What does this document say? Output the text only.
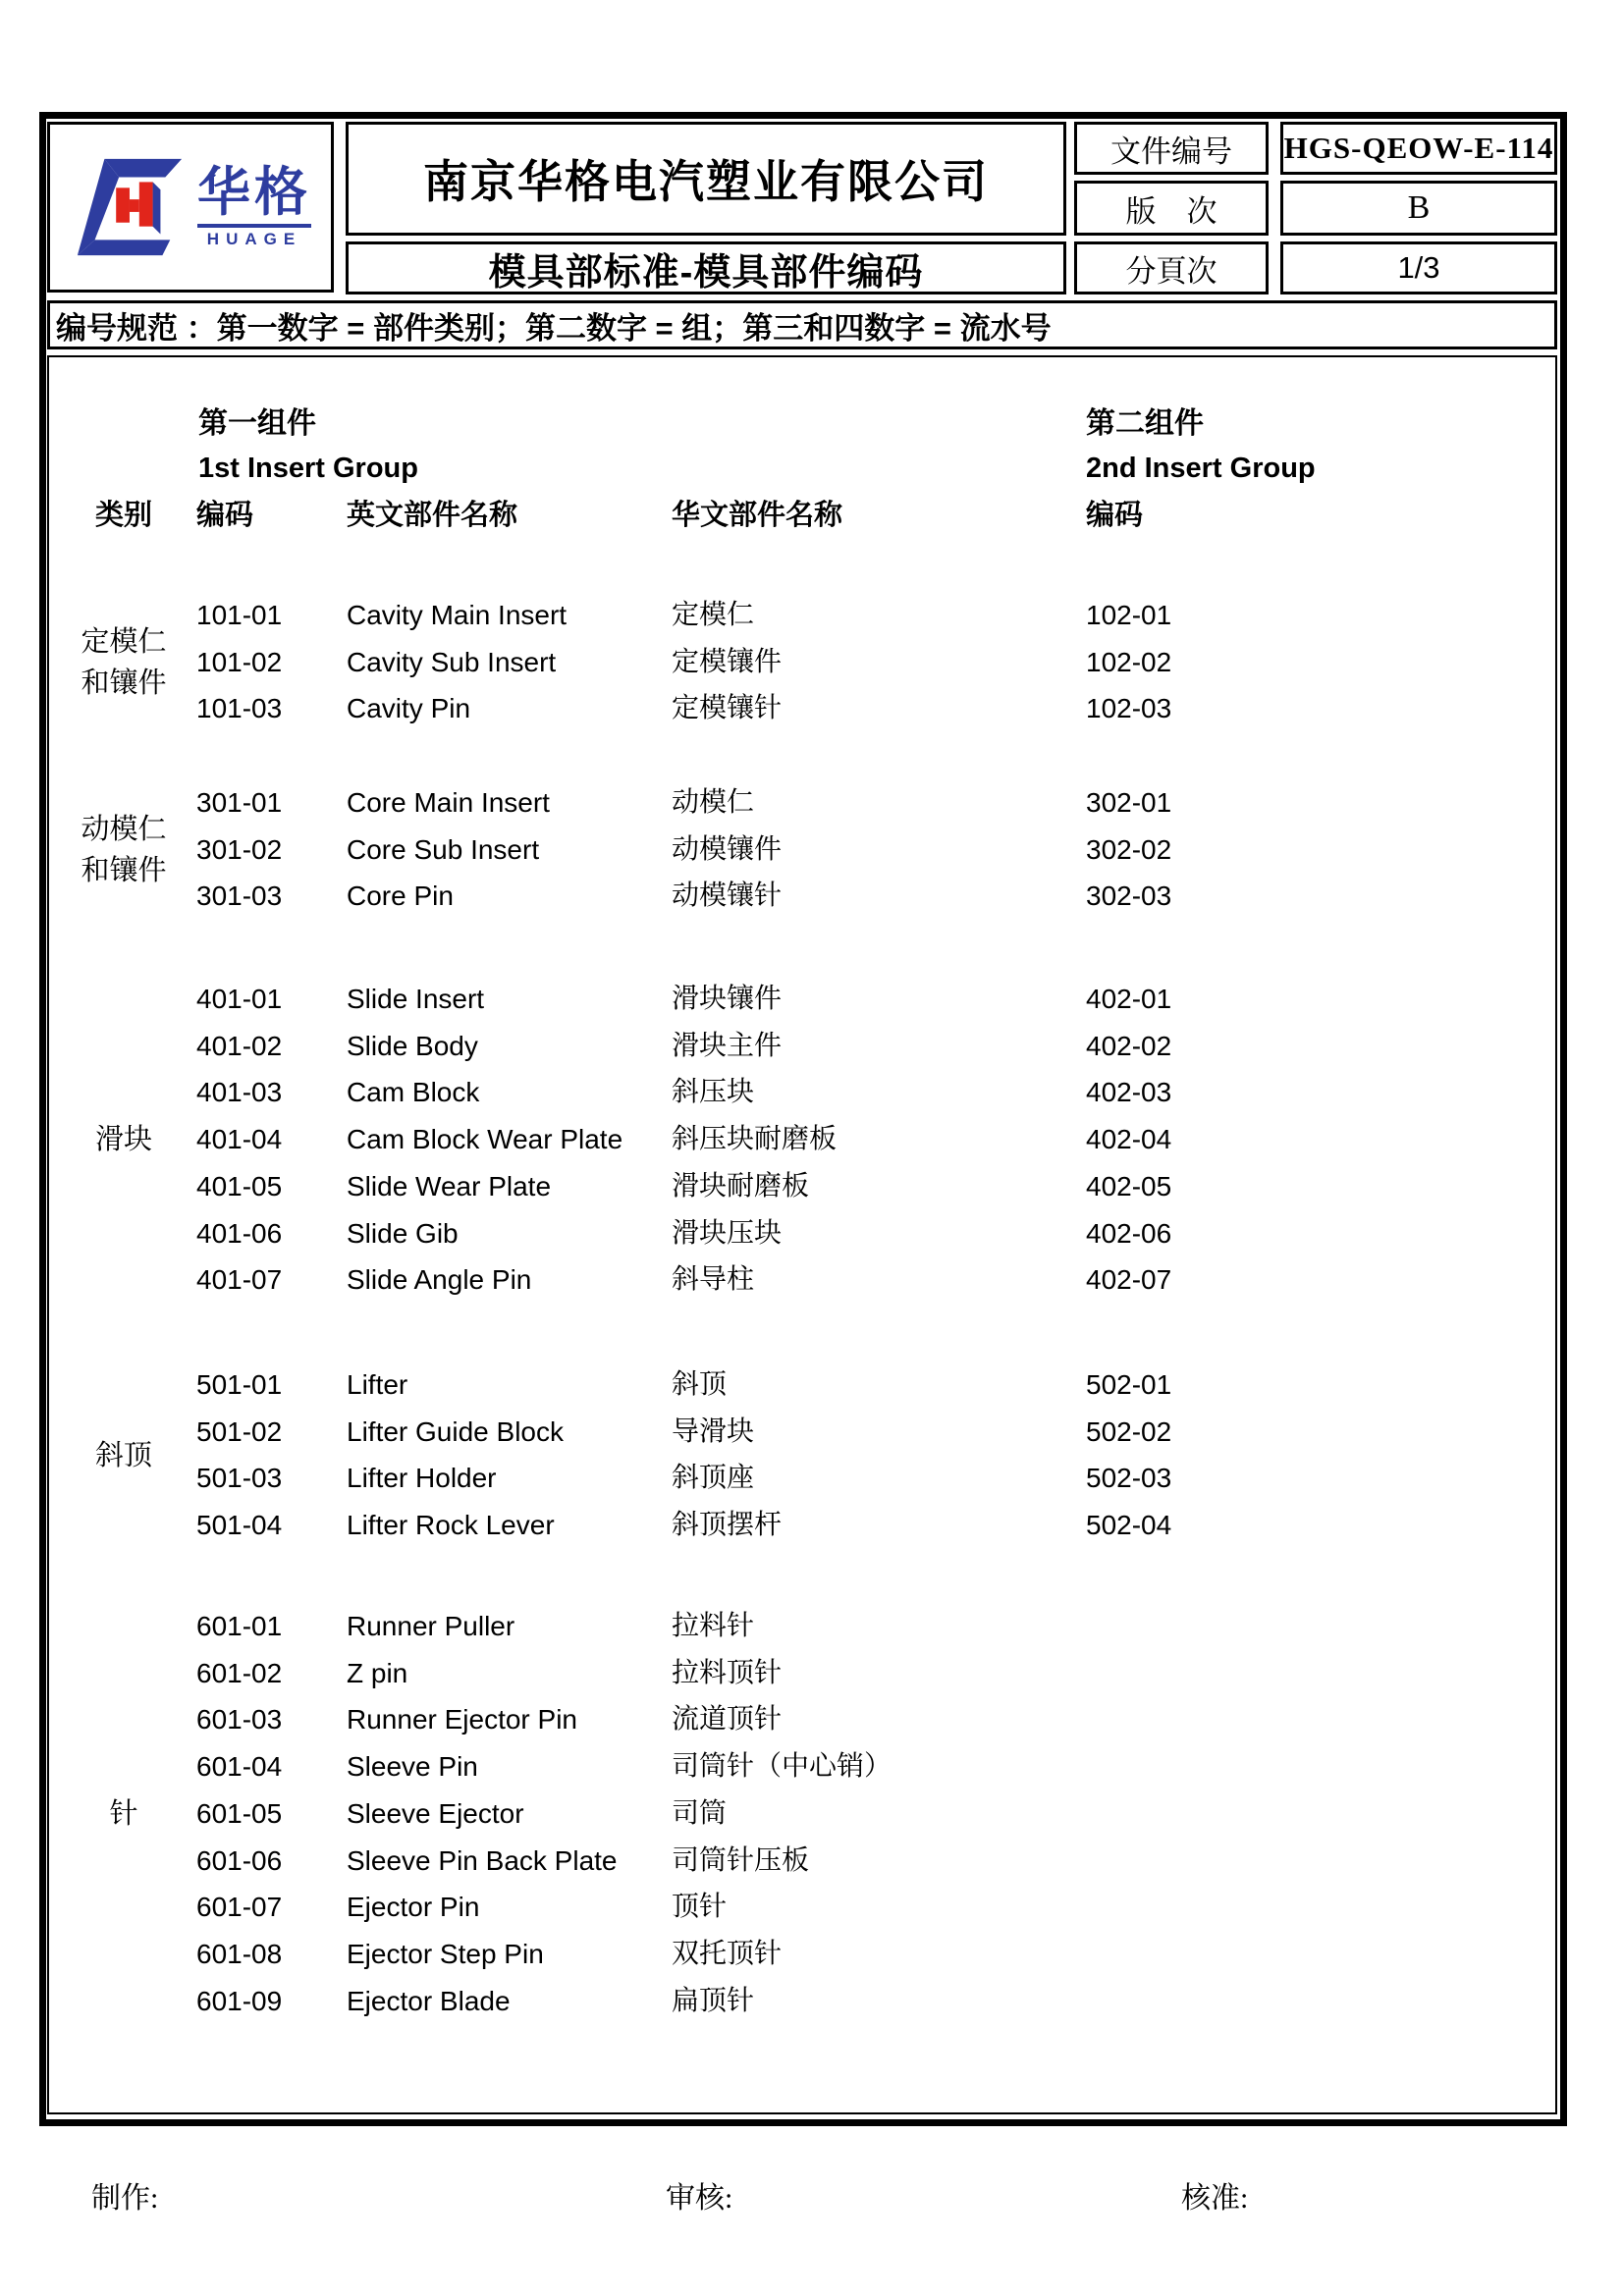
华格
HUAGE
南京华格电汽塑业有限公司
模具部标准-模具部件编码
文件编号	HGS-QEOW-E-114
版    次	B
分頁次	1/3
编号规范 ：第一数字 = 部件类别；第二数字 = 组；第三和四数字 = 流水号
第一组件
1st Insert Group
第二组件
2nd Insert Group
类别	编码	英文部件名称	华文部件名称	编码
定模仁
和镶件
101-01	Cavity Main Insert	定模仁	102-01
101-02	Cavity Sub Insert	定模镶件	102-02
101-03	Cavity Pin	定模镶针	102-03
动模仁
和镶件
301-01	Core Main Insert	动模仁	302-01
301-02	Core Sub Insert	动模镶件	302-02
301-03	Core Pin	动模镶针	302-03
滑块
401-01	Slide Insert	滑块镶件	402-01
401-02	Slide Body	滑块主件	402-02
401-03	Cam Block	斜压块	402-03
401-04	Cam Block Wear Plate	斜压块耐磨板	402-04
401-05	Slide Wear Plate	滑块耐磨板	402-05
401-06	Slide Gib	滑块压块	402-06
401-07	Slide Angle Pin	斜导柱	402-07
斜顶
501-01	Lifter	斜顶	502-01
501-02	Lifter Guide Block	导滑块	502-02
501-03	Lifter Holder	斜顶座	502-03
501-04	Lifter Rock Lever	斜顶摆杆	502-04
针
601-01	Runner Puller	拉料针
601-02	Z pin	拉料顶针
601-03	Runner Ejector Pin	流道顶针
601-04	Sleeve Pin	司筒针（中心销）
601-05	Sleeve Ejector	司筒
601-06	Sleeve Pin Back Plate	司筒针压板
601-07	Ejector Pin	顶针
601-08	Ejector Step Pin	双托顶针
601-09	Ejector Blade	扁顶针
制作:	审核:	核准:
